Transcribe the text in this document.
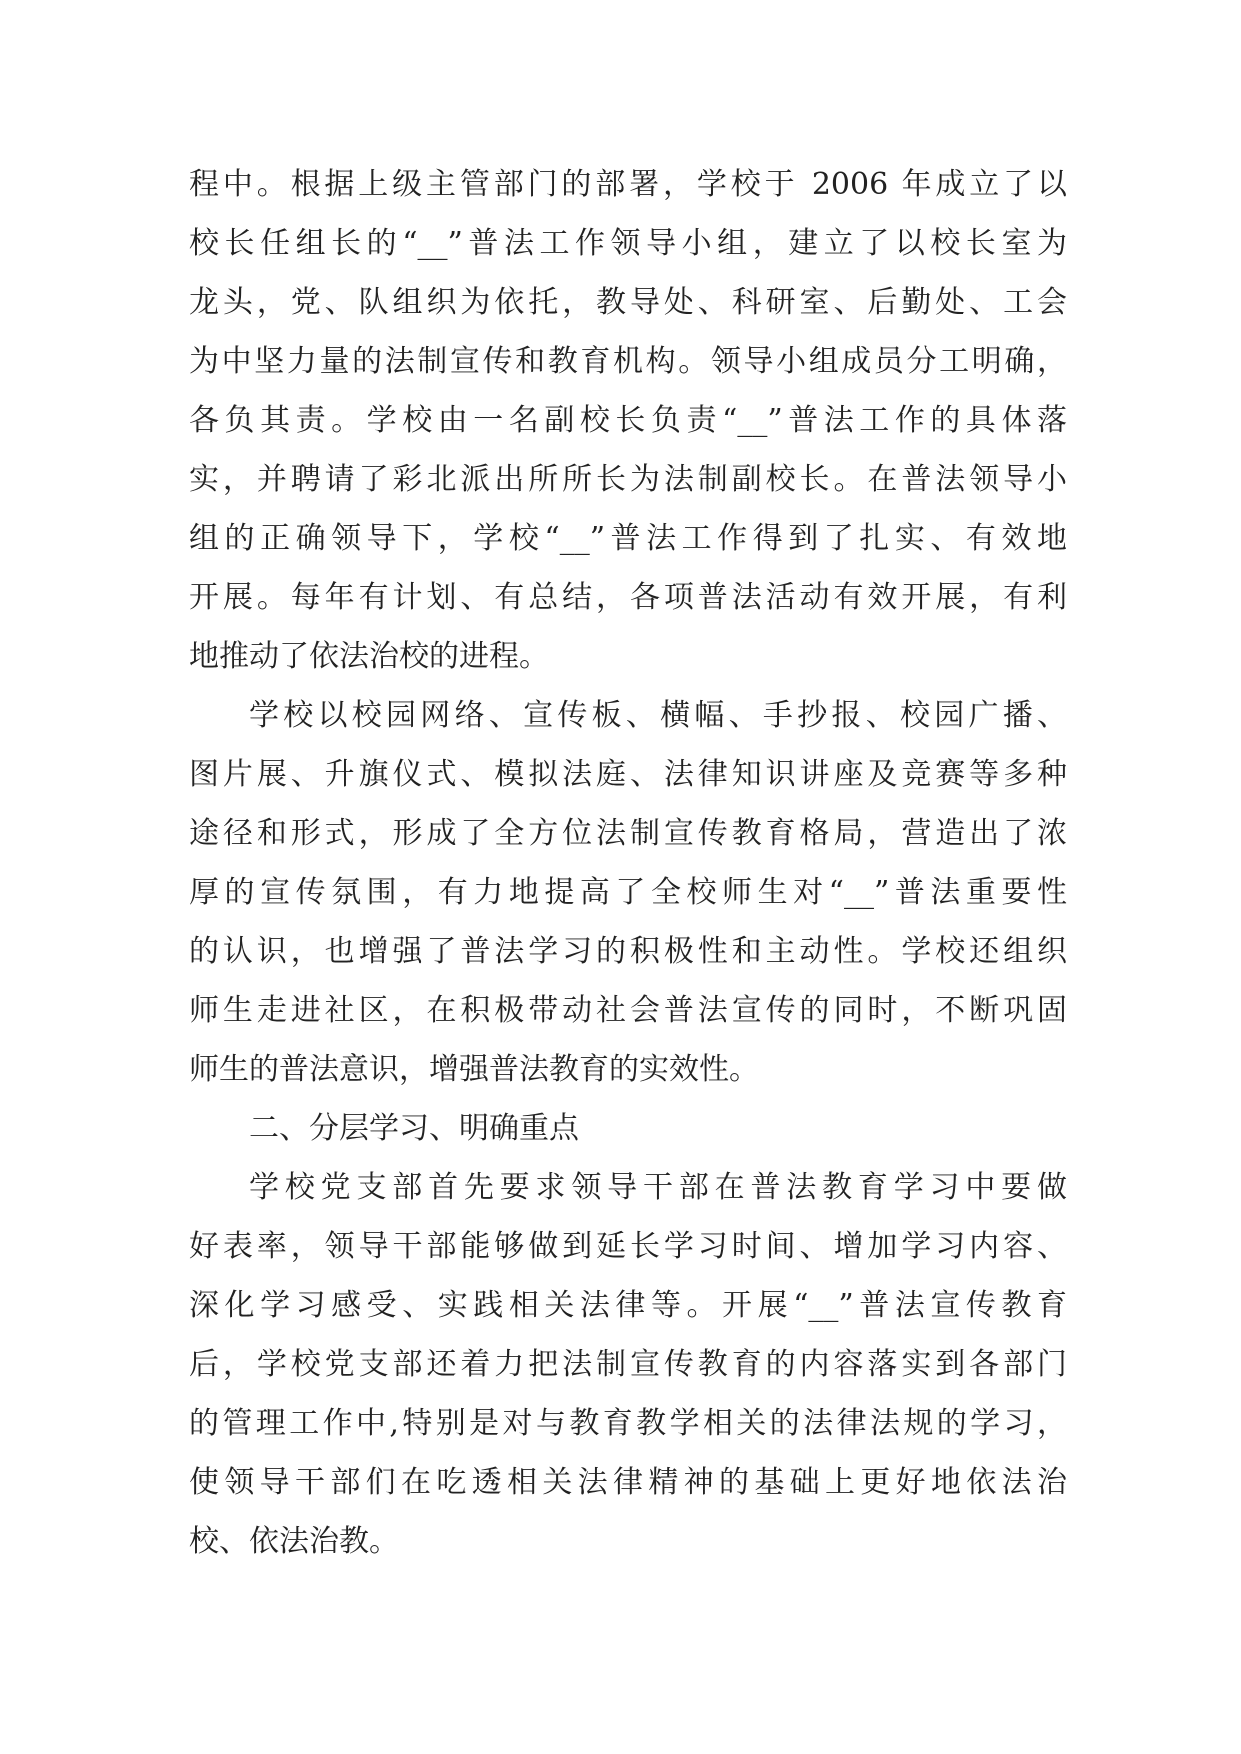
程中。根据上级主管部门的部署，学校于 2006 年成立了以
校长任组长的“__”普法工作领导小组，建立了以校长室为
龙头，党、队组织为依托，教导处、科研室、后勤处、工会
为中坚力量的法制宣传和教育机构。领导小组成员分工明确，
各负其责。学校由一名副校长负责“__”普法工作的具体落
实，并聘请了彩北派出所所长为法制副校长。在普法领导小
组的正确领导下，学校“__”普法工作得到了扎实、有效地
开展。每年有计划、有总结，各项普法活动有效开展，有利
地推动了依法治校的进程。
学校以校园网络、宣传板、横幅、手抄报、校园广播、
图片展、升旗仪式、模拟法庭、法律知识讲座及竞赛等多种
途径和形式，形成了全方位法制宣传教育格局，营造出了浓
厚的宣传氛围，有力地提高了全校师生对“__”普法重要性
的认识，也增强了普法学习的积极性和主动性。学校还组织
师生走进社区，在积极带动社会普法宣传的同时，不断巩固
师生的普法意识，增强普法教育的实效性。
二、分层学习、明确重点
学校党支部首先要求领导干部在普法教育学习中要做
好表率，领导干部能够做到延长学习时间、增加学习内容、
深化学习感受、实践相关法律等。开展“__”普法宣传教育
后，学校党支部还着力把法制宣传教育的内容落实到各部门
的管理工作中,特别是对与教育教学相关的法律法规的学习，
使领导干部们在吃透相关法律精神的基础上更好地依法治
校、依法治教。
